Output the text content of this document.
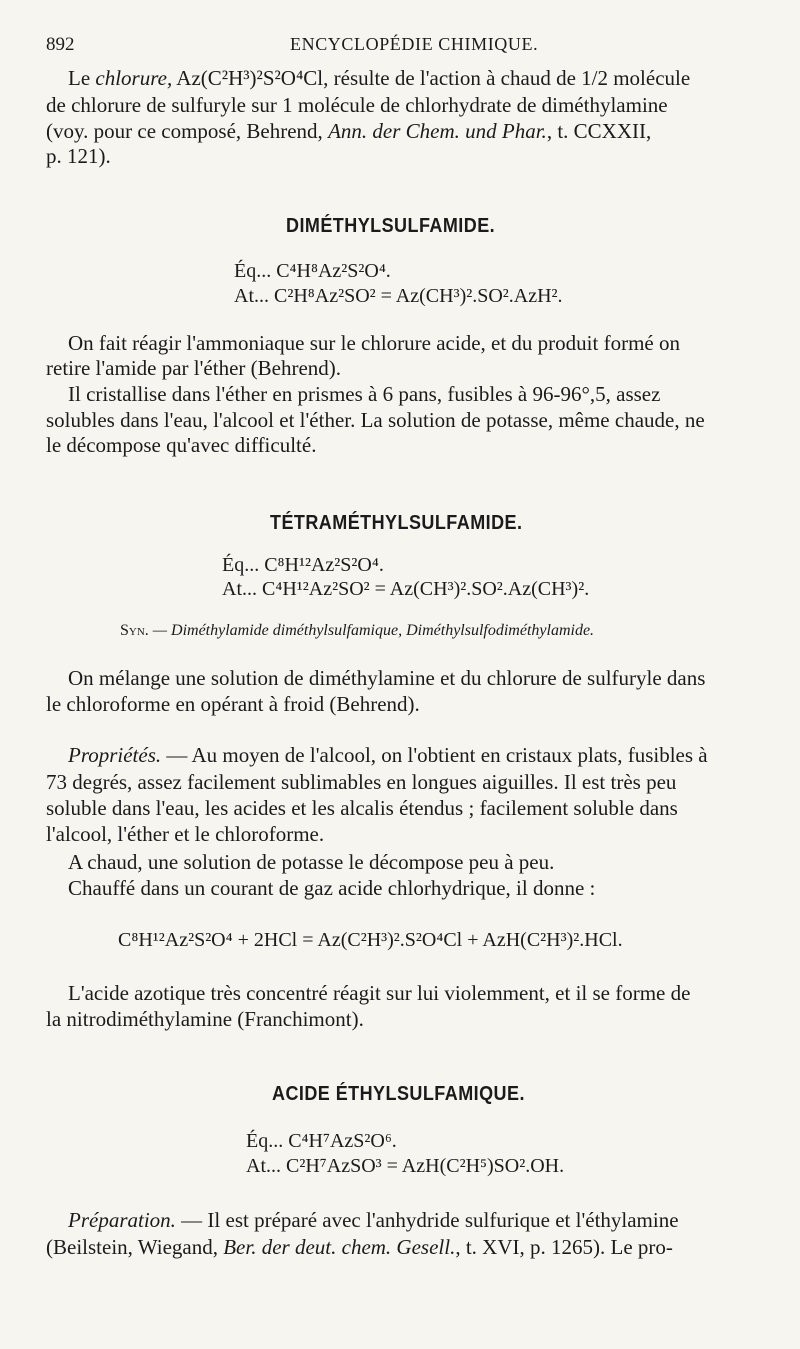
892	ENCYCLOPÉDIE CHIMIQUE.

Le chlorure, Az(C²H³)²S²O⁴Cl, résulte de l'action à chaud de 1/2 molécule

de chlorure de sulfuryle sur 1 molécule de chlorhydrate de diméthylamine

(voy. pour ce composé, Behrend, Ann. der Chem. und Phar., t. CCXXII,

p. 121).

DIMÉTHYLSULFAMIDE.

Éq... C⁴H⁸Az²S²O⁴.

At... C²H⁸Az²SO² = Az(CH³)².SO².AzH².

On fait réagir l'ammoniaque sur le chlorure acide, et du produit formé on

retire l'amide par l'éther (Behrend).

Il cristallise dans l'éther en prismes à 6 pans, fusibles à 96-96°,5, assez

solubles dans l'eau, l'alcool et l'éther. La solution de potasse, même chaude, ne

le décompose qu'avec difficulté.

TÉTRAMÉTHYLSULFAMIDE.

Éq... C⁸H¹²Az²S²O⁴.

At... C⁴H¹²Az²SO² = Az(CH³)².SO².Az(CH³)².

Syn. — Diméthylamide diméthylsulfamique, Diméthylsulfodiméthylamide.

On mélange une solution de diméthylamine et du chlorure de sulfuryle dans

le chloroforme en opérant à froid (Behrend).

Propriétés. — Au moyen de l'alcool, on l'obtient en cristaux plats, fusibles à

73 degrés, assez facilement sublimables en longues aiguilles. Il est très peu

soluble dans l'eau, les acides et les alcalis étendus ; facilement soluble dans

l'alcool, l'éther et le chloroforme.

A chaud, une solution de potasse le décompose peu à peu.

Chauffé dans un courant de gaz acide chlorhydrique, il donne :

C⁸H¹²Az²S²O⁴ + 2HCl = Az(C²H³)².S²O⁴Cl + AzH(C²H³)².HCl.

L'acide azotique très concentré réagit sur lui violemment, et il se forme de

la nitrodiméthylamine (Franchimont).

ACIDE ÉTHYLSULFAMIQUE.

Éq... C⁴H⁷AzS²O⁶.

At... C²H⁷AzSO³ = AzH(C²H⁵)SO².OH.

Préparation. — Il est préparé avec l'anhydride sulfurique et l'éthylamine

(Beilstein, Wiegand, Ber. der deut. chem. Gesell., t. XVI, p. 1265). Le pro-
